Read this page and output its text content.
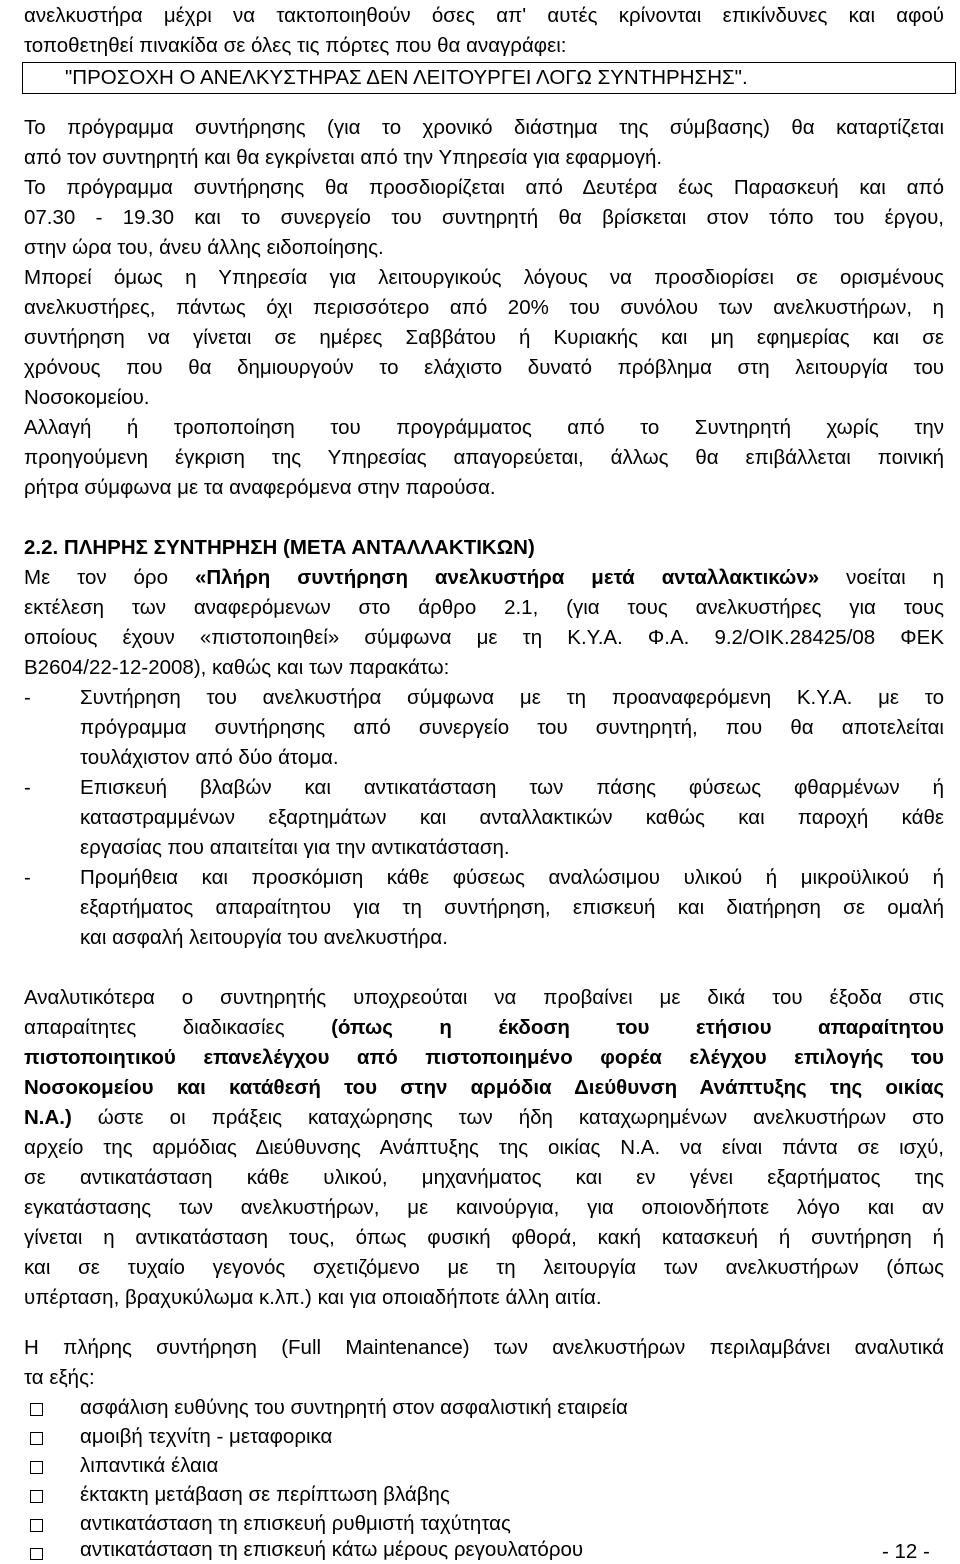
ανελκυστήρα μέχρι να τακτοποιηθούν όσες απ' αυτές κρίνονται επικίνδυνες και αφού
τοποθετηθεί πινακίδα σε όλες τις πόρτες που θα αναγράφει:
"ΠΡΟΣΟΧΗ Ο ΑΝΕΛΚΥΣΤΗΡΑΣ ΔΕΝ ΛΕΙΤΟΥΡΓΕΙ ΛΟΓΩ ΣΥΝΤΗΡΗΣΗΣ".
Το πρόγραμμα συντήρησης (για το χρονικό διάστημα της σύμβασης) θα καταρτίζεται
από τον συντηρητή και θα εγκρίνεται από την Υπηρεσία για εφαρμογή.
Το πρόγραμμα συντήρησης θα προσδιορίζεται από Δευτέρα έως Παρασκευή και από
07.30 - 19.30 και το συνεργείο του συντηρητή θα βρίσκεται στον τόπο του έργου,
στην ώρα του, άνευ άλλης ειδοποίησης.
Μπορεί όμως η Υπηρεσία για λειτουργικούς λόγους να προσδιορίσει σε ορισμένους
ανελκυστήρες, πάντως όχι περισσότερο από 20% του συνόλου των ανελκυστήρων, η
συντήρηση να γίνεται σε ημέρες Σαββάτου ή Κυριακής και μη εφημερίας και σε
χρόνους που θα δημιουργούν το ελάχιστο δυνατό πρόβλημα στη λειτουργία του
Νοσοκομείου.
Αλλαγή ή τροποποίηση του προγράμματος από το Συντηρητή χωρίς την
προηγούμενη έγκριση της Υπηρεσίας απαγορεύεται, άλλως θα επιβάλλεται ποινική
ρήτρα σύμφωνα με τα αναφερόμενα στην παρούσα.
2.2. ΠΛΗΡΗΣ ΣΥΝΤΗΡΗΣΗ (ΜΕΤΑ ΑΝΤΑΛΛΑΚΤΙΚΩΝ)
Με τον όρο «Πλήρη συντήρηση ανελκυστήρα μετά ανταλλακτικών» νοείται η
εκτέλεση των αναφερόμενων στο άρθρο 2.1, (για τους ανελκυστήρες για τους
οποίους έχουν «πιστοποιηθεί» σύμφωνα με τη Κ.Υ.Α. Φ.Α. 9.2/ΟΙΚ.28425/08 ΦΕΚ
Β2604/22-12-2008), καθώς και των παρακάτω:
-	Συντήρηση του ανελκυστήρα σύμφωνα με τη προαναφερόμενη Κ.Υ.Α. με το
πρόγραμμα συντήρησης από συνεργείο του συντηρητή, που θα αποτελείται
τουλάχιστον από δύο άτομα.
-	Επισκευή βλαβών και αντικατάσταση των πάσης φύσεως φθαρμένων ή
καταστραμμένων εξαρτημάτων και ανταλλακτικών καθώς και παροχή κάθε
εργασίας που απαιτείται για την αντικατάσταση.
-	Προμήθεια και προσκόμιση κάθε φύσεως αναλώσιμου υλικού ή μικροϋλικού ή
εξαρτήματος απαραίτητου για τη συντήρηση, επισκευή και διατήρηση σε ομαλή
και ασφαλή λειτουργία του ανελκυστήρα.
Αναλυτικότερα ο συντηρητής υποχρεούται να προβαίνει με δικά του έξοδα στις
απαραίτητες διαδικασίες (όπως η έκδοση του ετήσιου απαραίτητου
πιστοποιητικού επανελέγχου από πιστοποιημένο φορέα ελέγχου επιλογής του
Νοσοκομείου και κατάθεσή του στην αρμόδια Διεύθυνση Ανάπτυξης της οικίας
Ν.Α.) ώστε οι πράξεις καταχώρησης των ήδη καταχωρημένων ανελκυστήρων στο
αρχείο της αρμόδιας Διεύθυνσης Ανάπτυξης της οικίας Ν.Α. να είναι πάντα σε ισχύ,
σε αντικατάσταση κάθε υλικού, μηχανήματος και εν γένει εξαρτήματος της
εγκατάστασης των ανελκυστήρων, με καινούργια, για οποιονδήποτε λόγο και αν
γίνεται η αντικατάσταση τους, όπως φυσική φθορά, κακή κατασκευή ή συντήρηση ή
και σε τυχαίο γεγονός σχετιζόμενο με τη λειτουργία των ανελκυστήρων (όπως
υπέρταση, βραχυκύλωμα κ.λπ.) και για οποιαδήποτε άλλη αιτία.
Η πλήρης συντήρηση (Full Maintenance) των ανελκυστήρων περιλαμβάνει αναλυτικά
τα εξής:
ασφάλιση ευθύνης του συντηρητή στον ασφαλιστική εταιρεία
αμοιβή τεχνίτη - μεταφορικα
λιπαντικά έλαια
έκτακτη μετάβαση σε περίπτωση βλάβης
αντικατάσταση τη επισκευή ρυθμιστή ταχύτητας
αντικατάσταση τη επισκευή κάτω μέρους ρεγουλατόρου	- 12 -
